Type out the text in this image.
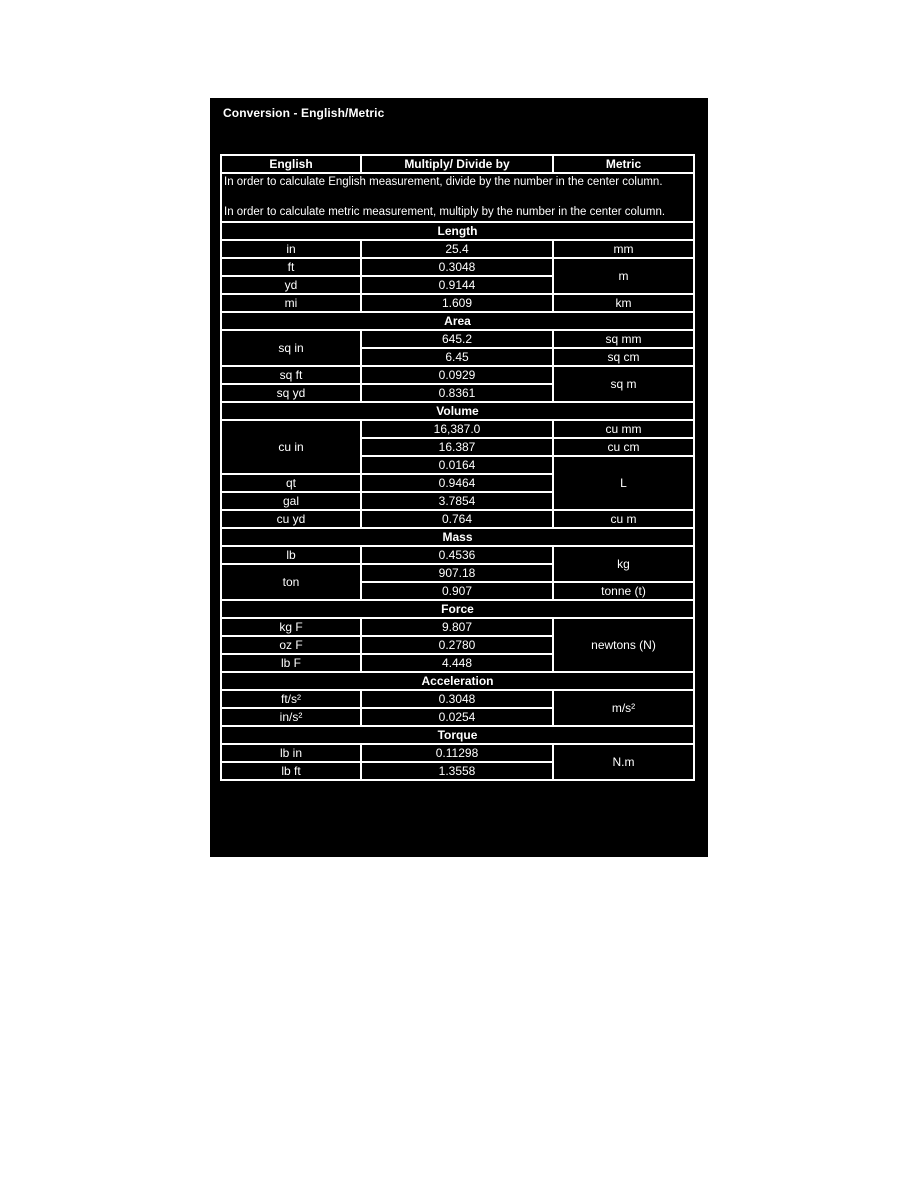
Conversion - English/Metric
English	Multiply/ Divide by	Metric

In order to calculate English measurement, divide by the number in the center column.
In order to calculate metric measurement, multiply by the number in the center column.		

Length		
in	25.4	mm
ft	0.3048	m
yd	0.9144	
mi	1.609	km
Area		
sq in	645.2	sq mm
	6.45	sq cm
sq ft	0.0929	sq m
sq yd	0.8361	
Volume		
cu in	16,387.0	cu mm
	16.387	cu cm
	0.0164	L
qt	0.9464	
gal	3.7854	
cu yd	0.764	cu m
Mass		
lb	0.4536	kg
ton	907.18	
	0.907	tonne (t)
Force		
kg F	9.807	newtons (N)
oz F	0.2780	
lb F	4.448	
Acceleration		
ft/s²	0.3048	m/s²
in/s²	0.0254	
Torque		
lb in	0.11298	N.m
lb ft	1.3558	
